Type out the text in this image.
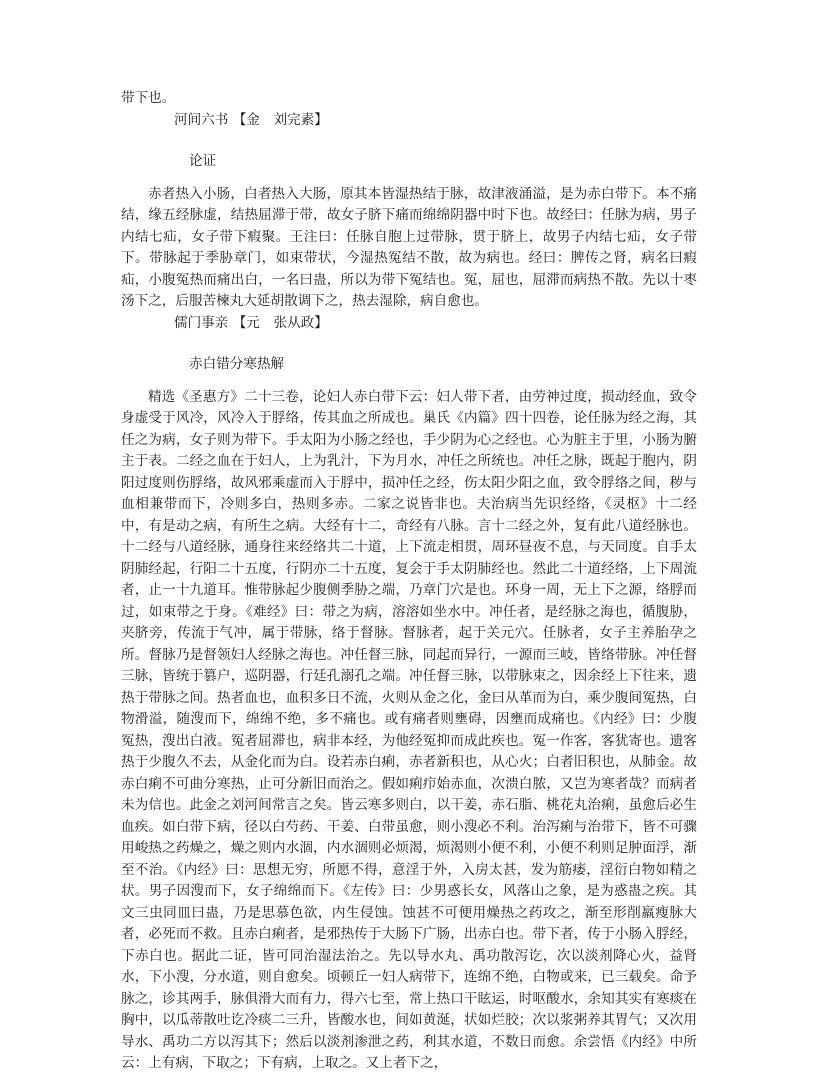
带下也。

河间六书 【金　刘完素】

论证

赤者热入小肠，白者热入大肠，原其本皆湿热结于脉，故津液涌溢，是为赤白带下。本不痛结，缘五经脉虚，结热屈滞于带，故女子脐下痛而绵绵阴器中时下也。故经曰：任脉为病，男子内结七疝，女子带下瘕聚。王注曰：任脉自胞上过带脉，贯于脐上，故男子内结七疝，女子带下。带脉起于季胁章门，如束带状，今湿热冤结不散，故为病也。经曰：脾传之肾，病名曰瘕疝，小腹冤热而痛出白，一名曰蛊，所以为带下冤结也。冤，屈也，屈滞而病热不散。先以十枣汤下之，后服苦楝丸大延胡散调下之，热去湿除，病自愈也。

儒门事亲 【元　张从政】

赤白错分寒热解

精选《圣惠方》二十三卷，论妇人赤白带下云：妇人带下者，由劳神过度，损动经血，致令身虚受于风冷，风冷入于脬络，传其血之所成也。巢氏《内篇》四十四卷，论任脉为经之海，其任之为病，女子则为带下。手太阳为小肠之经也，手少阴为心之经也。心为脏主于里，小肠为腑主于表。二经之血在于妇人，上为乳汁，下为月水，冲任之所统也。冲任之脉，既起于胞内，阴阳过度则伤脬络，故风邪乘虚而入于脬中，损冲任之经，伤太阳少阳之血，致令脬络之间，秽与血相兼带而下，冷则多白，热则多赤。二家之说皆非也。夫治病当先识经络，《灵枢》十二经中，有是动之病，有所生之病。大经有十二，奇经有八脉。言十二经之外，复有此八道经脉也。十二经与八道经脉，通身往来经络共二十道，上下流走相贯，周环昼夜不息，与天同度。自手太阴肺经起，行阳二十五度，行阴亦二十五度，复会于手太阴肺经也。然此二十道经络，上下周流者，止一十九道耳。惟带脉起少腹侧季胁之端，乃章门穴是也。环身一周，无上下之源，络脬而过，如束带之于身。《难经》曰：带之为病，溶溶如坐水中。冲任者，是经脉之海也，循腹胁，夹脐旁，传流于气冲，属于带脉，络于督脉。督脉者，起于关元穴。任脉者，女子主养胎孕之所。督脉乃是督领妇人经脉之海也。冲任督三脉，同起而异行，一源而三岐，皆络带脉。冲任督三脉，皆统于篡户，巡阴器，行廷孔溺孔之端。冲任督三脉，以带脉束之，因余经上下往来，遗热于带脉之间。热者血也，血积多日不流，火则从金之化，金曰从革而为白，乘少腹间冤热，白物滑溢，随溲而下，绵绵不绝，多不痛也。或有痛者则壅碍，因壅而成痛也。《内经》曰：少腹冤热，溲出白液。冤者屈滞也，病非本经，为他经冤抑而成此疾也。冤一作客，客犹寄也。遗客热于少腹久不去，从金化而为白。设若赤白痢，赤者新积也，从心火；白者旧积也，从肺金。故赤白痢不可曲分寒热，止可分新旧而治之。假如痢疖始赤血，次溃白脓，又岂为寒者哉？而病者未为信也。此金之刘河间常言之矣。皆云寒多则白，以干姜，赤石脂、桃花丸治痢，虽愈后必生血疾。如白带下病，径以白芍药、干姜、白带虽愈，则小溲必不利。治泻痢与治带下，皆不可骤用峻热之药燥之，燥之则内水涸，内水涸则必烦渴，烦渴则小便不利，小便不利则足肿面浮，渐至不治。《内经》曰：思想无穷，所愿不得，意淫于外，入房太甚，发为筋痿，淫衍白物如精之状。男子因溲而下，女子绵绵而下。《左传》曰：少男惑长女，风落山之象，是为惑蛊之疾。其文三虫同皿曰蛊，乃是思慕色欲，内生侵蚀。蚀甚不可便用燥热之药攻之，渐至形削羸瘦脉大者，必死而不救。且赤白痢者，是邪热传于大肠下广肠，出赤白也。带下者，传于小肠入脬经，下赤白也。据此二证，皆可同治湿法治之。先以导水丸、禹功散泻讫，次以淡剂降心火，益肾水，下小溲，分水道，则自愈矣。顷顿丘一妇人病带下，连绵不绝，白物或来，已三载矣。命予脉之，诊其两手，脉俱滑大而有力，得六七至，常上热口干眩运，时呕酸水，余知其实有寒痰在胸中，以瓜蒂散吐讫冷痰二三升，皆酸水也，间如黄涎，状如烂胶；次以浆粥养其胃气；又次用导水、禹功二方以泻其下；然后以淡剂渗泄之药，利其水道，不数日而愈。余尝悟《内经》中所云：上有病，下取之；下有病，上取之。又上者下之，
